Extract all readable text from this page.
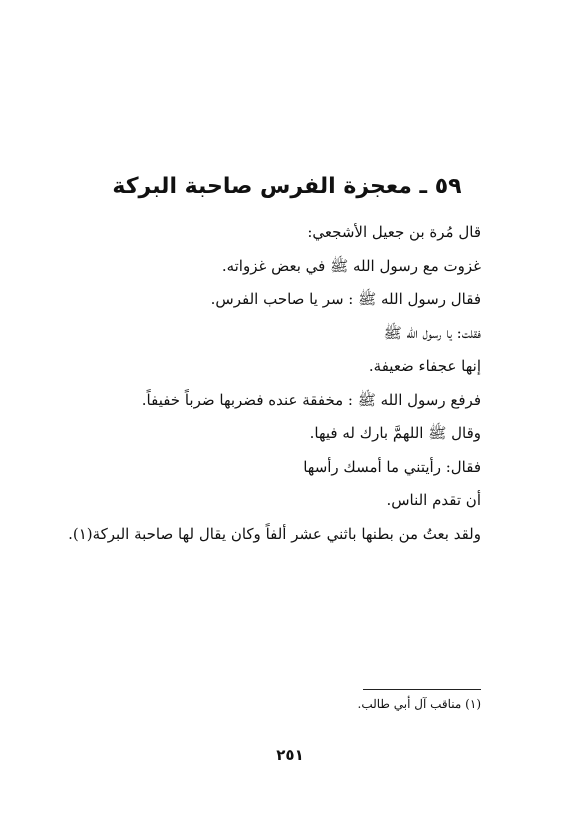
٥٩ ـ معجزة الفرس صاحبة البركة
قال مُرة بن جعيل الأشجعي:
غزوت مع رسول الله ﷺ في بعض غزواته.
فقال رسول الله ﷺ : سر يا صاحب الفرس.
فقلت: يا رسول الله ﷺ
إنها عجفاء ضعيفة.
فرفع رسول الله ﷺ : مخفقة عنده فضربها ضرباً خفيفاً.
وقال ﷺ اللهمَّ بارك له فيها.
فقال: رأيتني ما أمسك رأسها
أن تقدم الناس.
ولقد بعتُ من بطنها باثني عشر ألفاً وكان يقال لها صاحبة البركة(١).
(١) مناقب آل أبي طالب.
٢٥١
